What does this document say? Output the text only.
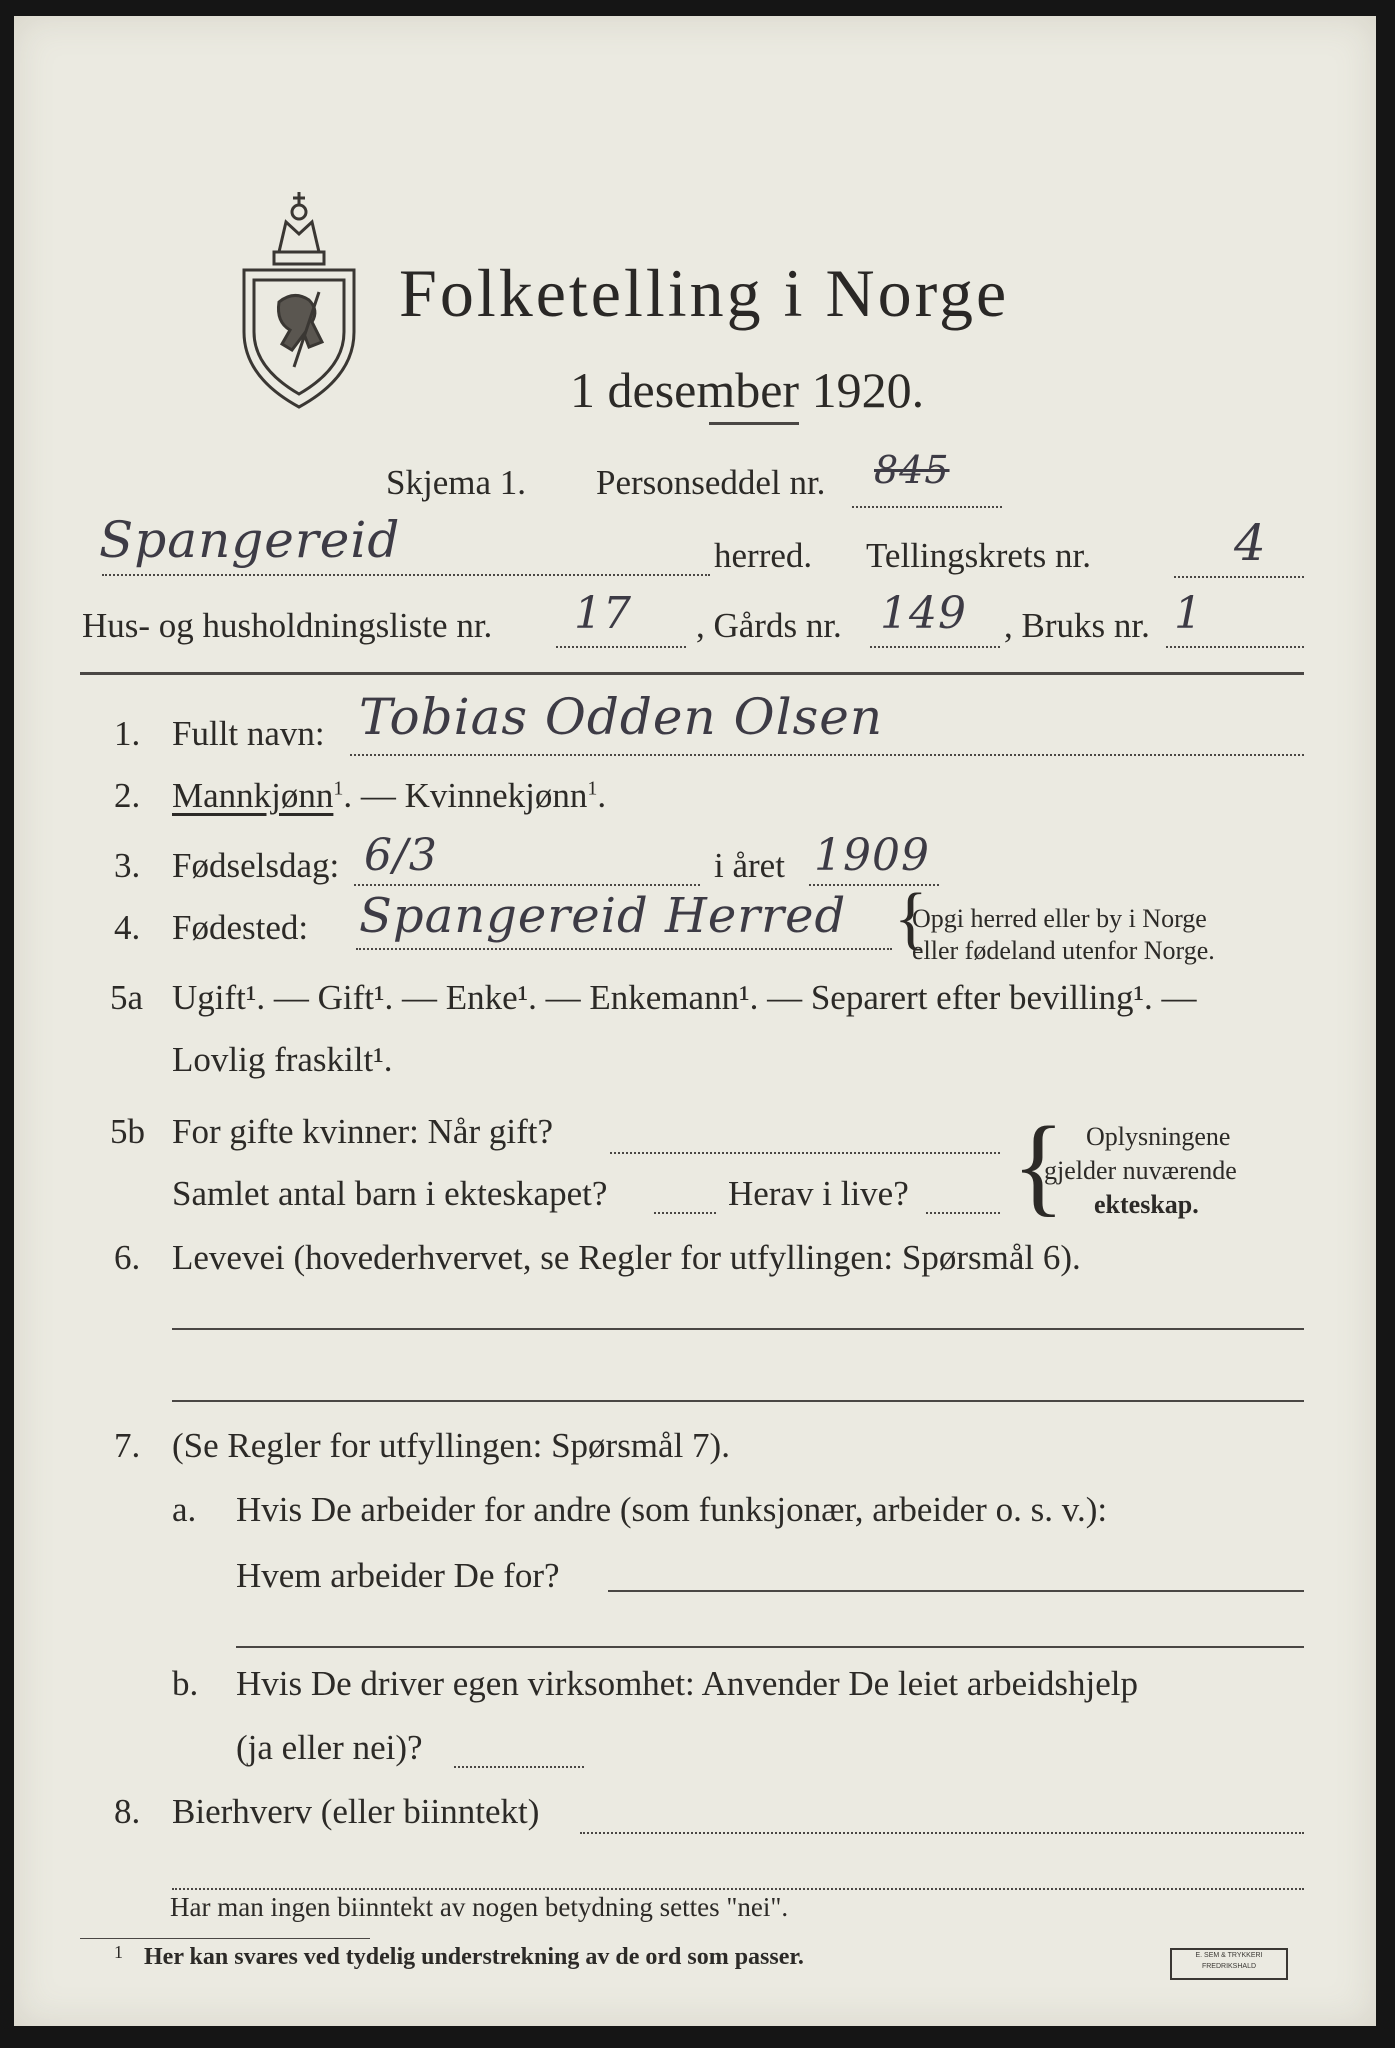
Folketelling i Norge
1 desember 1920.
Skjema 1. Personseddel nr. 845
Spangereid	herred. Tellingskrets nr.	4
Hus- og husholdningsliste nr. 17 , Gårds nr. 149 , Bruks nr. 1
1. Fullt navn: Tobias Odden Olsen
2. Mannkjønn$^1$. — Kvinnekjønn$^1$.
3. Fødselsdag: 6/3	i året 1909
4. Fødested: Spangereid Herred {
Opgi herred eller by i Norge
eller fødeland utenfor Norge.
5a Ugift¹. — Gift¹. — Enke¹. — Enkemann¹. — Separert efter bevilling¹. —
Lovlig fraskilt¹.
5b For gifte kvinner: Når gift?
Samlet antal barn i ekteskapet?	Herav i live? { Oplysningene
gjelder nuværende
ekteskap.
6. Levevei (hovederhvervet, se Regler for utfyllingen: Spørsmål 6).
7. (Se Regler for utfyllingen: Spørsmål 7).
a. Hvis De arbeider for andre (som funksjonær, arbeider o. s. v.):
Hvem arbeider De for?
b. Hvis De driver egen virksomhet: Anvender De leiet arbeidshjelp
(ja eller nei)?
8. Bierhverv (eller biinntekt)
Har man ingen biinntekt av nogen betydning settes "nei".
1 Her kan svares ved tydelig understrekning av de ord som passer.	E. SEM & TRYKKERI
FREDRIKSHALD
